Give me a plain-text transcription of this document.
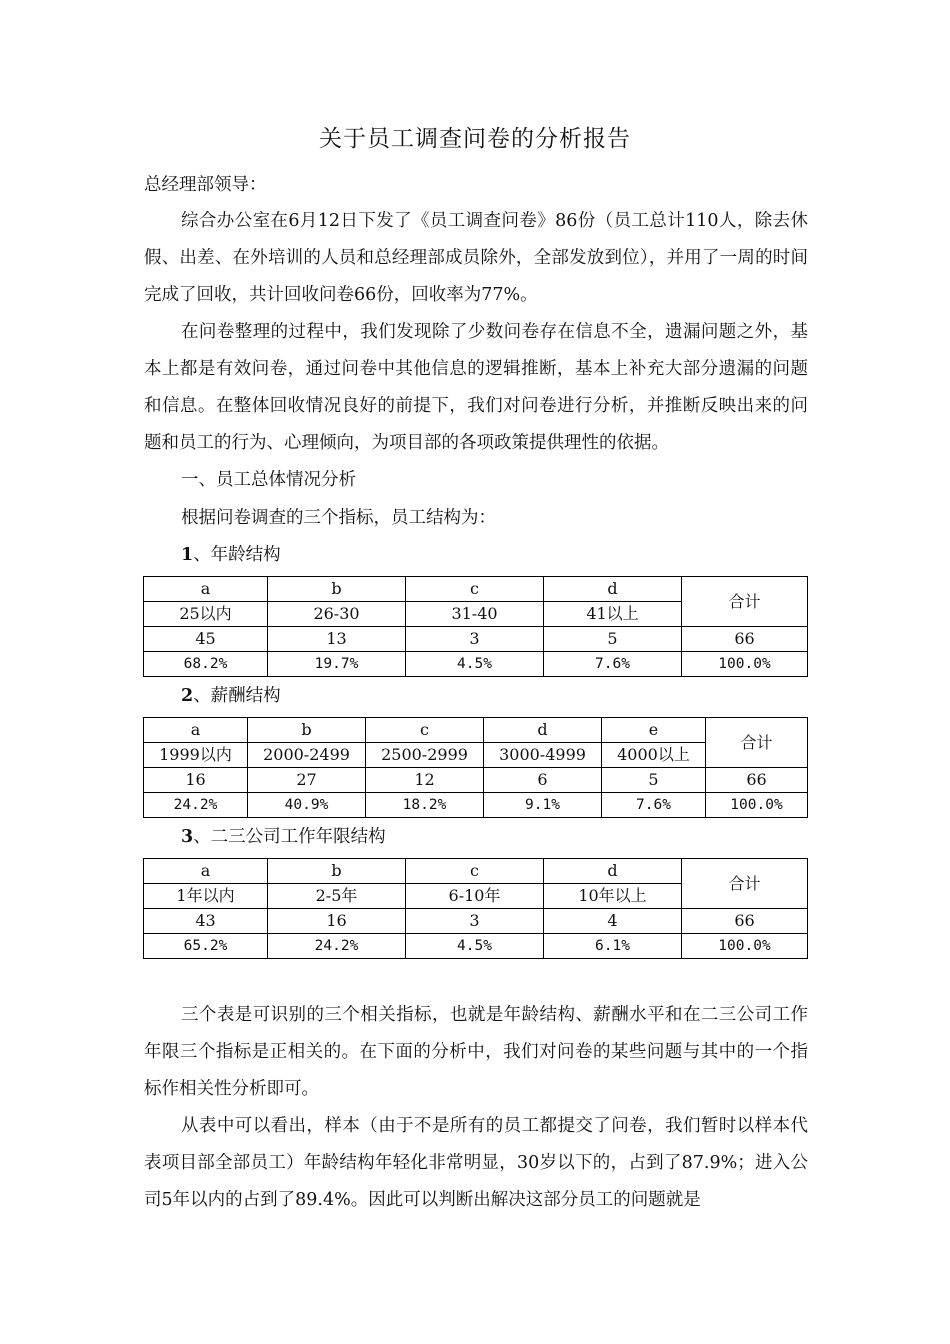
关于员工调查问卷的分析报告
总经理部领导：

综合办公室在6月12日下发了《员工调查问卷》86份（员工总计110人，除去休假、出差、在外培训的人员和总经理部成员除外，全部发放到位），并用了一周的时间完成了回收，共计回收问卷66份，回收率为77%。

在问卷整理的过程中，我们发现除了少数问卷存在信息不全，遗漏问题之外，基本上都是有效问卷，通过问卷中其他信息的逻辑推断，基本上补充大部分遗漏的问题和信息。在整体回收情况良好的前提下，我们对问卷进行分析，并推断反映出来的问题和员工的行为、心理倾向，为项目部的各项政策提供理性的依据。

一、员工总体情况分析
根据问卷调查的三个指标，员工结构为：
1、年龄结构
a	b	c	d	合计
25以内	26-30	31-40	41以上	
45	13	3	5	66
68.2%	19.7%	4.5%	7.6%	100.0%
2、薪酬结构
a	b	c	d	e	合计
1999以内	2000-2499	2500-2999	3000-4999	4000以上	
16	27	12	6	5	66
24.2%	40.9%	18.2%	9.1%	7.6%	100.0%
3、二三公司工作年限结构
a	b	c	d	合计
1年以内	2-5年	6-10年	10年以上	
43	16	3	4	66
65.2%	24.2%	4.5%	6.1%	100.0%

三个表是可识别的三个相关指标，也就是年龄结构、薪酬水平和在二三公司工作年限三个指标是正相关的。在下面的分析中，我们对问卷的某些问题与其中的一个指标作相关性分析即可。

从表中可以看出，样本（由于不是所有的员工都提交了问卷，我们暂时以样本代表项目部全部员工）年龄结构年轻化非常明显，30岁以下的，占到了87.9%；进入公司5年以内的占到了89.4%。因此可以判断出解决这部分员工的问题就是
